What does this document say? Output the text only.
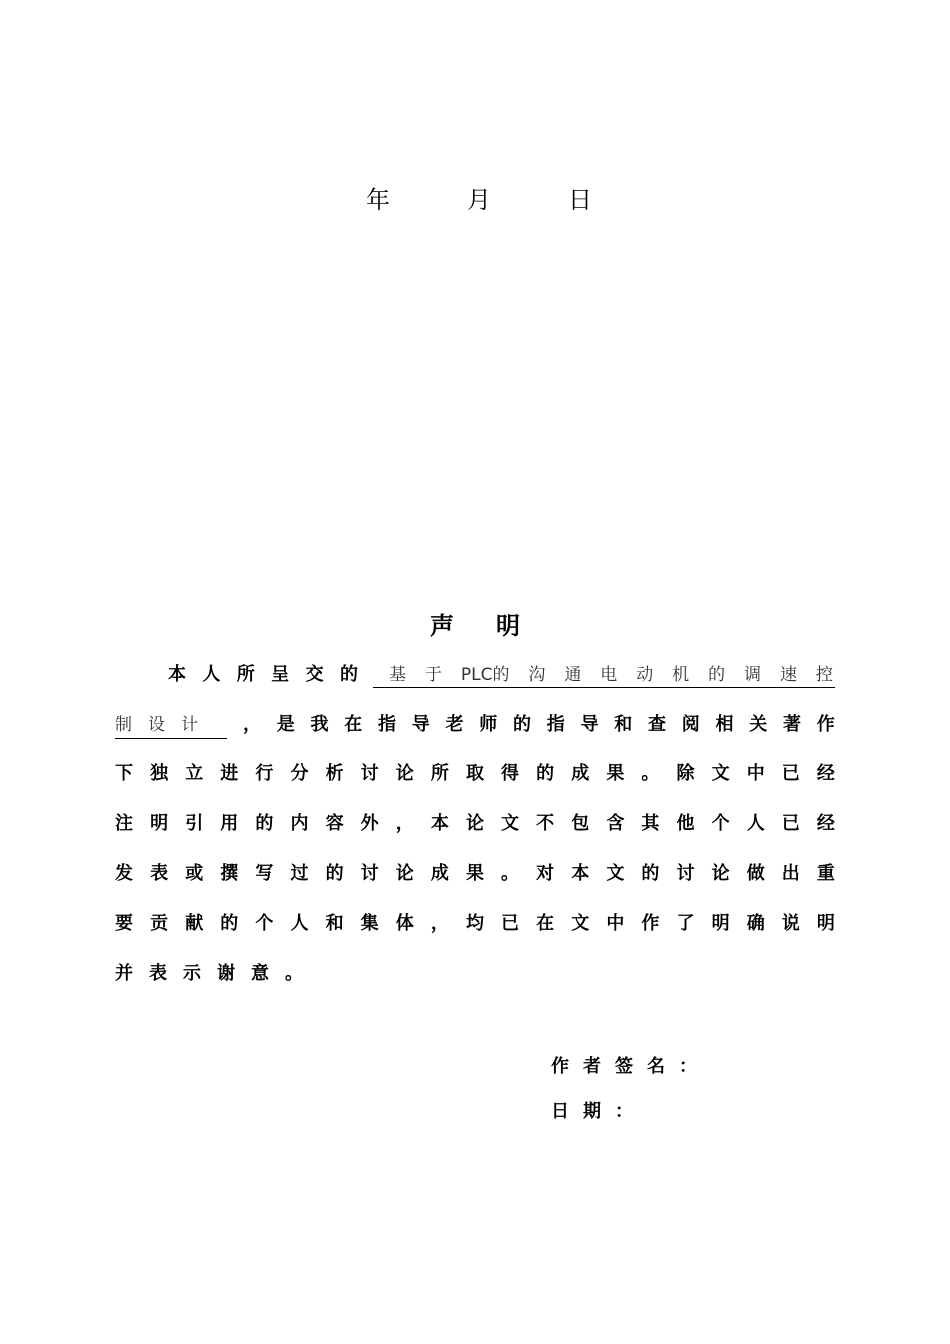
年	月	日
声明
本 人 所 呈 交 的 基 于 PLC的 沟 通 电 动 机 的 调 速 控
制 设 计	， 是 我 在 指 导 老 师 的 指 导 和 查 阅 相 关 著 作
下 独 立 进 行 分 析 讨 论 所 取 得 的 成 果 。 除 文 中 已 经
注 明 引 用 的 内 容 外 ， 本 论 文 不 包 含 其 他 个 人 已 经
发 表 或 撰 写 过 的 讨 论 成 果 。 对 本 文 的 讨 论 做 出 重
要 贡 献 的 个 人 和 集 体 ， 均 已 在 文 中 作 了 明 确 说 明
并 表 示 谢 意 。
作者签名：
日期：
